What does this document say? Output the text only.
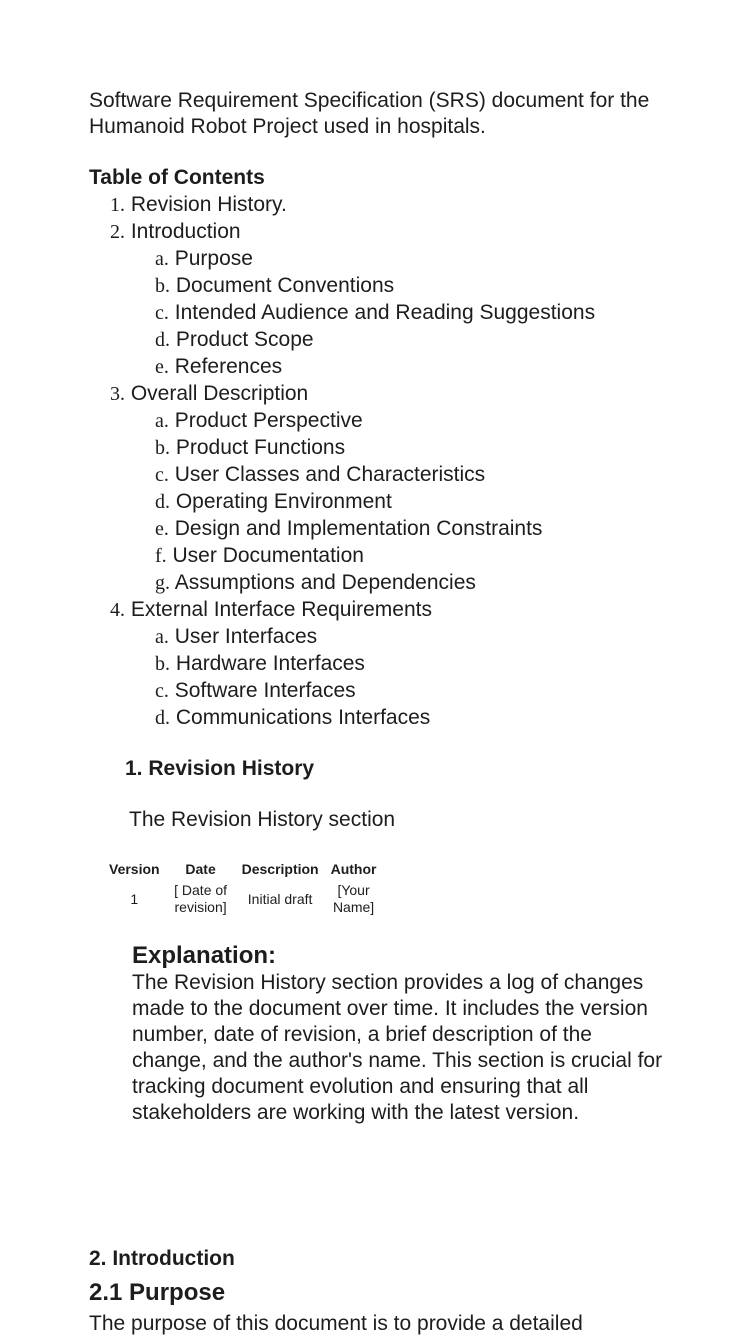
Software Requirement Specification (SRS) document for the Humanoid Robot Project used in hospitals.
Table of Contents
1. Revision History.
2. Introduction
a. Purpose
b. Document Conventions
c. Intended Audience and Reading Suggestions
d. Product Scope
e. References
3. Overall Description
a. Product Perspective
b. Product Functions
c. User Classes and Characteristics
d. Operating Environment
e. Design and Implementation Constraints
f. User Documentation
g. Assumptions and Dependencies
4. External Interface Requirements
a. User Interfaces
b. Hardware Interfaces
c. Software Interfaces
d. Communications Interfaces
1. Revision History
The Revision History section
Version	Date	Description	Author
1	[ Date of revision]	Initial draft	[Your Name]
Explanation:
The Revision History section provides a log of changes made to the document over time. It includes the version number, date of revision, a brief description of the change, and the author's name. This section is crucial for tracking document evolution and ensuring that all stakeholders are working with the latest version.
2. Introduction
2.1 Purpose
The purpose of this document is to provide a detailed
